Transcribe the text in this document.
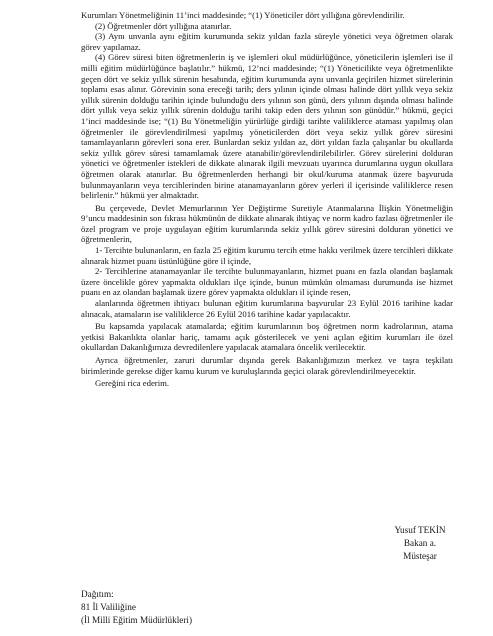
Kurumları Yönetmeliğinin 11’inci maddesinde; “(1) Yöneticiler dört yıllığına görevlendirilir.

(2) Öğretmenler dört yıllığına atanırlar.

(3) Aynı unvanla aynı eğitim kurumunda sekiz yıldan fazla süreyle yönetici veya öğretmen olarak görev yapılamaz.

(4) Görev süresi biten öğretmenlerin iş ve işlemleri okul müdürlüğünce, yöneticilerin işlemleri ise il milli eğitim müdürlüğünce başlatılır.” hükmü, 12’nci maddesinde; “(1) Yöneticilikte veya öğretmenlikte geçen dört ve sekiz yıllık sürenin hesabında, eğitim kurumunda aynı unvanla geçirilen hizmet sürelerinin toplamı esas alınır. Görevinin sona ereceği tarih; ders yılının içinde olması halinde dört yıllık veya sekiz yıllık sürenin dolduğu tarihin içinde bulunduğu ders yılının son günü, ders yılının dışında olması halinde dört yıllık veya sekiz yıllık sürenin dolduğu tarihi takip eden ders yılının son günüdür.” hükmü, geçici 1’inci maddesinde ise; “(1) Bu Yönetmeliğin yürürlüğe girdiği tarihte valiliklerce ataması yapılmış olan öğretmenler ile görevlendirilmesi yapılmış yöneticilerden dört veya sekiz yıllık görev süresini tamamlayanların görevleri sona erer. Bunlardan sekiz yıldan az, dört yıldan fazla çalışanlar bu okullarda sekiz yıllık görev süresi tamamlamak üzere atanabilir/görevlendirilebilirler. Görev sürelerini dolduran yönetici ve öğretmenler istekleri de dikkate alınarak ilgili mevzuatı uyarınca durumlarına uygun okullara öğretmen olarak atanırlar. Bu öğretmenlerden herhangi bir okul/kuruma atanmak üzere başvuruda bulunmayanların veya tercihlerinden birine atanamayanların görev yerleri il içerisinde valiliklerce resen belirlenir.” hükmü yer almaktadır.

Bu çerçevede, Devlet Memurlarının Yer Değiştirme Suretiyle Atanmalarına İlişkin Yönetmeliğin 9’uncu maddesinin son fıkrası hükmünün de dikkate alınarak ihtiyaç ve norm kadro fazlası öğretmenler ile özel program ve proje uygulayan eğitim kurumlarında sekiz yıllık görev süresini dolduran yönetici ve öğretmenlerin,

1- Tercihte bulunanların, en fazla 25 eğitim kurumu tercih etme hakkı verilmek üzere tercihleri dikkate alınarak hizmet puanı üstünlüğüne göre il içinde,

2- Tercihlerine atanamayanlar ile tercihte bulunmayanların, hizmet puanı en fazla olandan başlamak üzere öncelikle görev yapmakta oldukları ilçe içinde, bunun mümkün olmaması durumunda ise hizmet puanı en az olandan başlamak üzere görev yapmakta oldukları il içinde resen,

alanlarında öğretmen ihtiyacı bulunan eğitim kurumlarına başvurular 23 Eylül 2016 tarihine kadar alınacak, atamaların ise valiliklerce 26 Eylül 2016 tarihine kadar yapılacaktır.

Bu kapsamda yapılacak atamalarda; eğitim kurumlarının boş öğretmen norm kadrolarının, atama yetkisi Bakanlıkta olanlar hariç, tamamı açık gösterilecek ve yeni açılan eğitim kurumları ile özel okullardan Dakanlığımıza devredilenlere yapılacak atamalara öncelik verilecektir.

Ayrıca öğretmenler, zaruri durumlar dışında gerek Bakanlığımızın merkez ve taşra teşkilatı birimlerinde gerekse diğer kamu kurum ve kuruluşlarında geçici olarak görevlendirilmeyecektir.

Gereğini rica ederim.

Yusuf TEKİN
Bakan a.
Müsteşar
Dağıtım:
81 İl Valiliğine
(İl Milli Eğitim Müdürlükleri)
